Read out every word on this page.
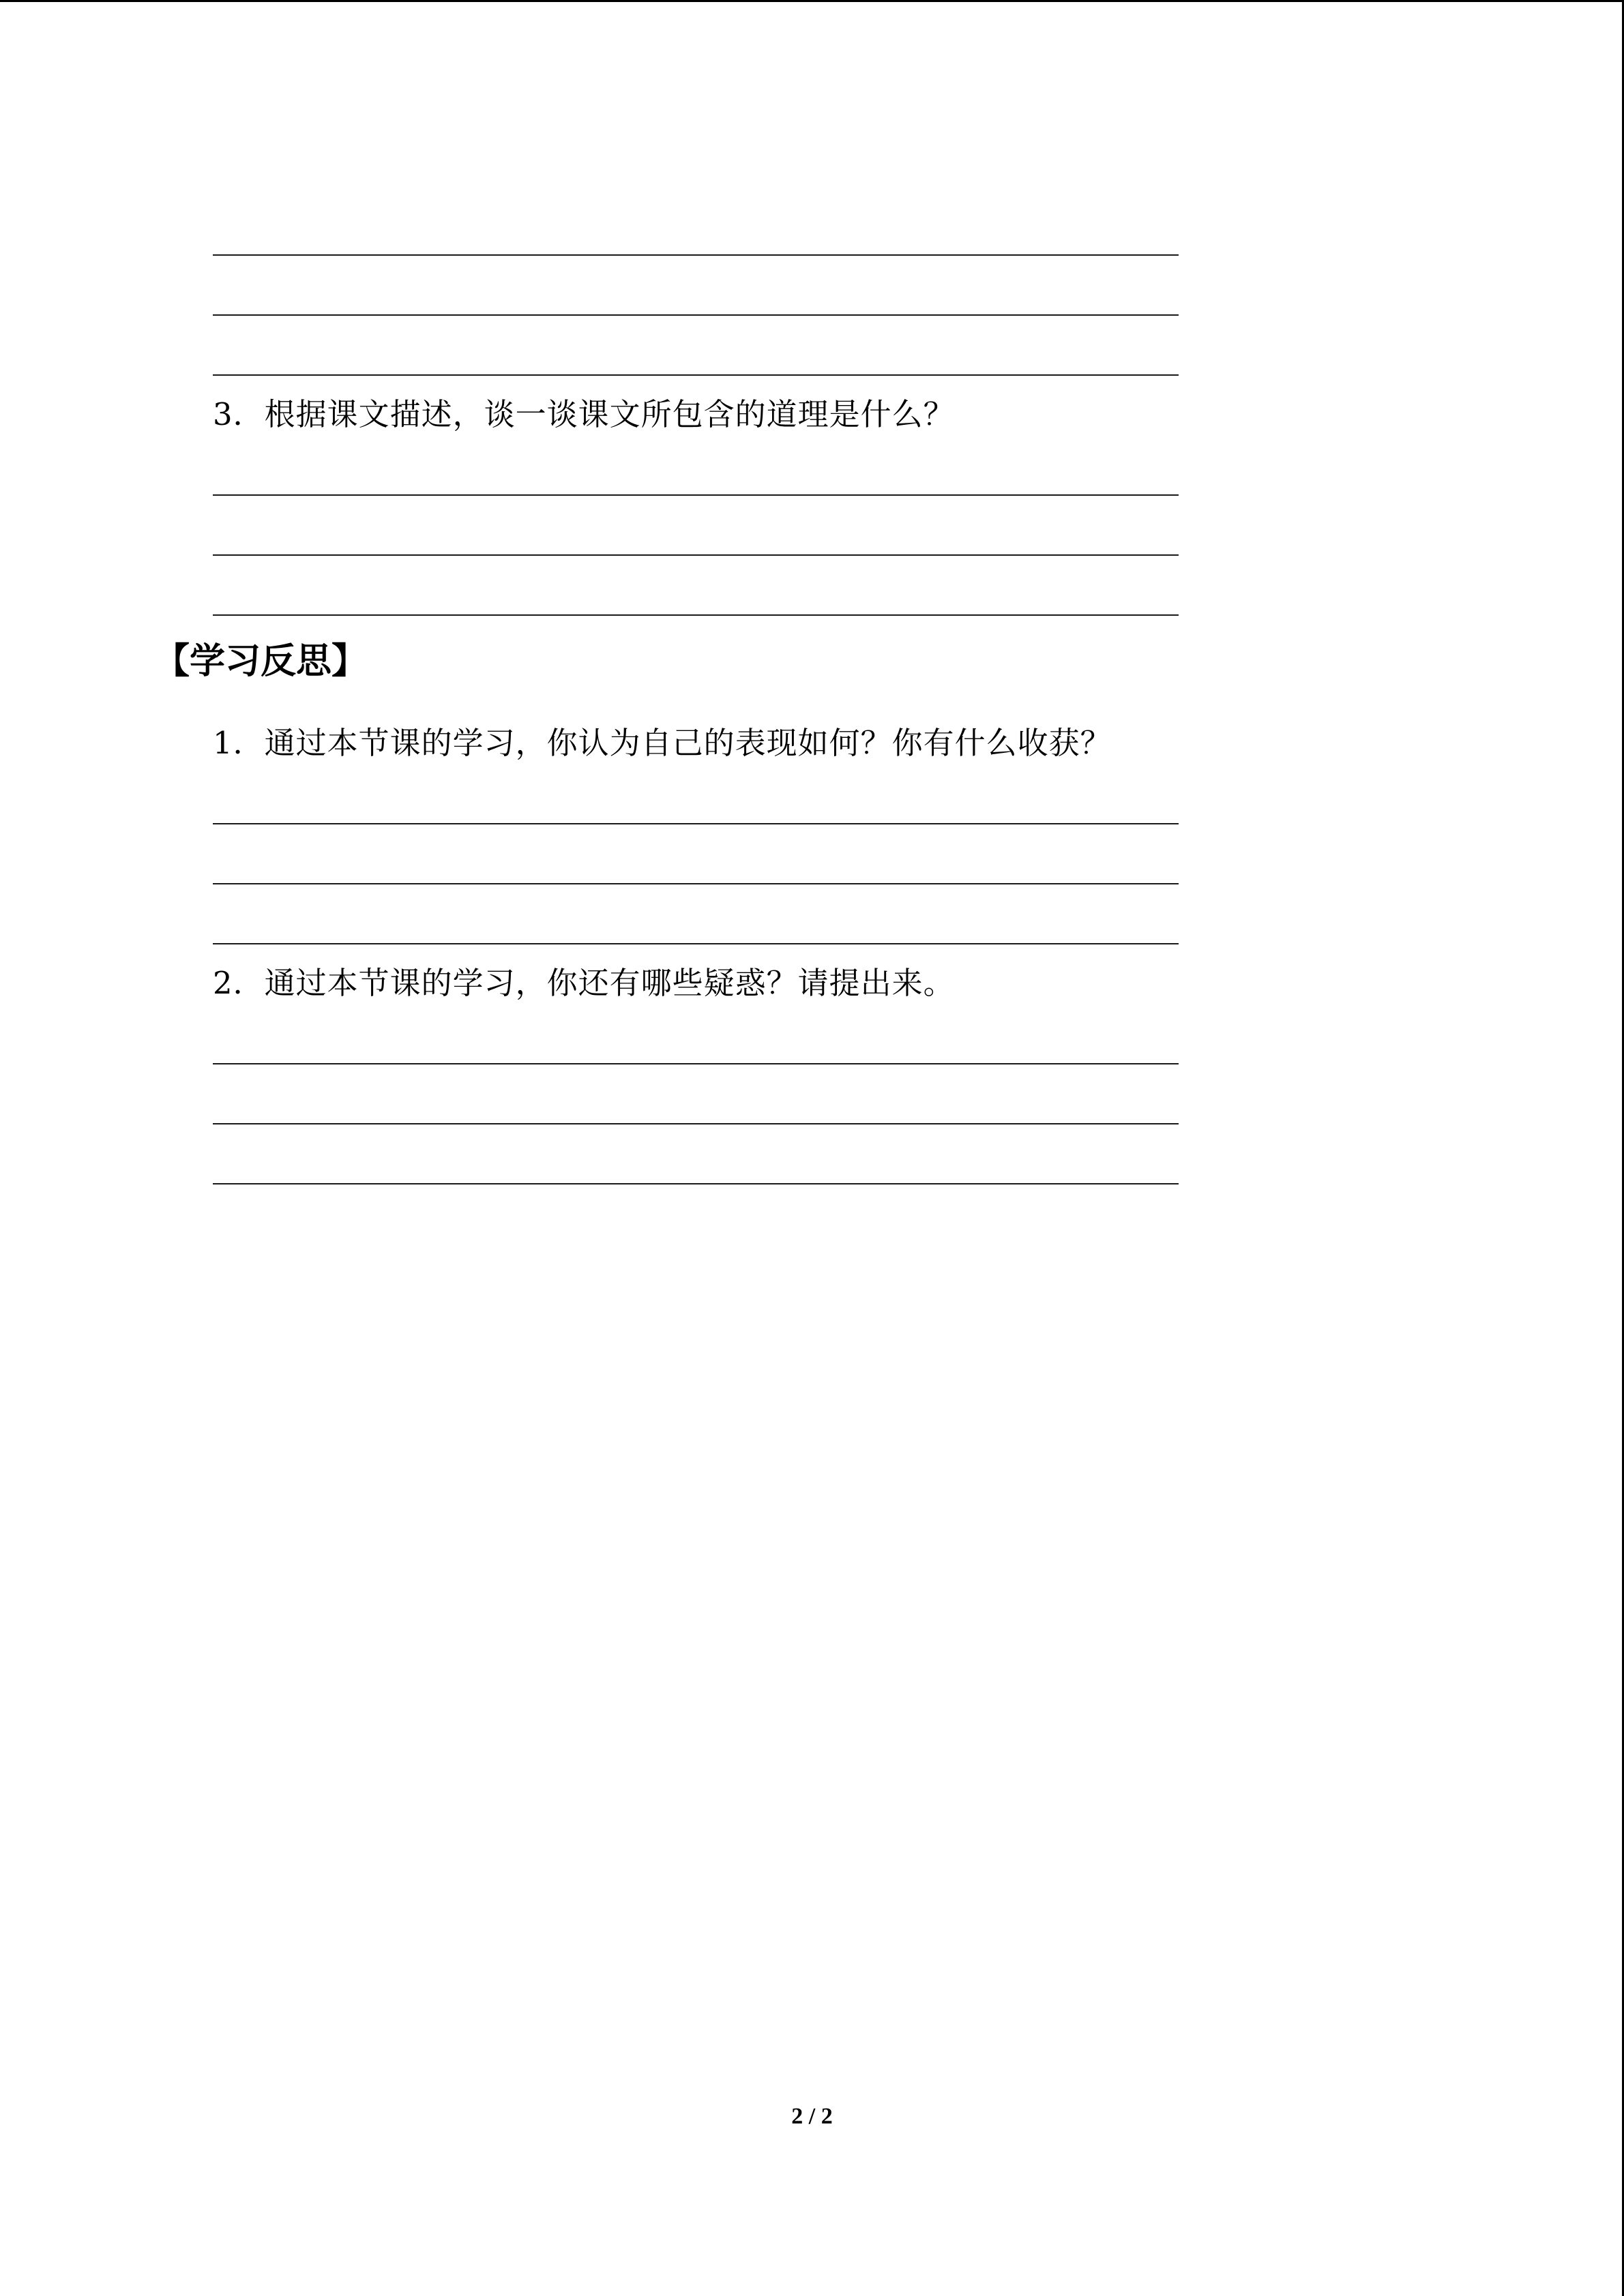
3．根据课文描述，谈一谈课文所包含的道理是什么？
【学习反思】
1．通过本节课的学习，你认为自己的表现如何？你有什么收获？
2．通过本节课的学习，你还有哪些疑惑？请提出来。
2 / 2
